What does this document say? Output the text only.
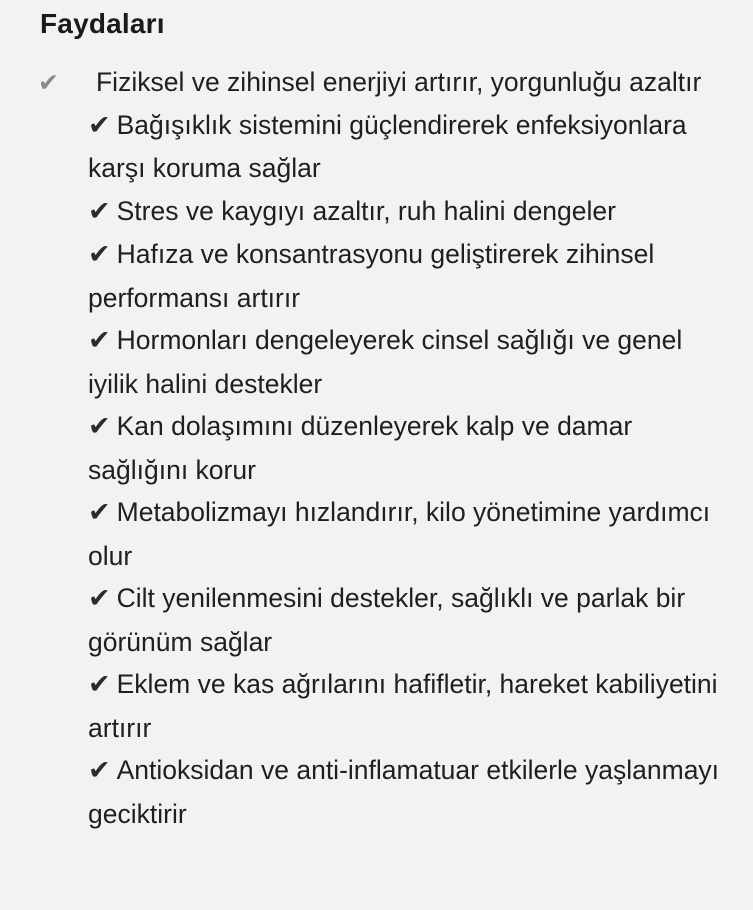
Faydaları
✔ Fiziksel ve zihinsel enerjiyi artırır, yorgunluğu azaltır
✔ Bağışıklık sistemini güçlendirerek enfeksiyonlara karşı koruma sağlar
✔ Stres ve kaygıyı azaltır, ruh halini dengeler
✔ Hafıza ve konsantrasyonu geliştirerek zihinsel performansı artırır
✔ Hormonları dengeleyerek cinsel sağlığı ve genel iyilik halini destekler
✔ Kan dolaşımını düzenleyerek kalp ve damar sağlığını korur
✔ Metabolizmayı hızlandırır, kilo yönetimine yardımcı olur
✔ Cilt yenilenmesini destekler, sağlıklı ve parlak bir görünüm sağlar
✔ Eklem ve kas ağrılarını hafifletir, hareket kabiliyetini artırır
✔ Antioksidan ve anti-inflamatuar etkilerle yaşlanmayı geciktirir
